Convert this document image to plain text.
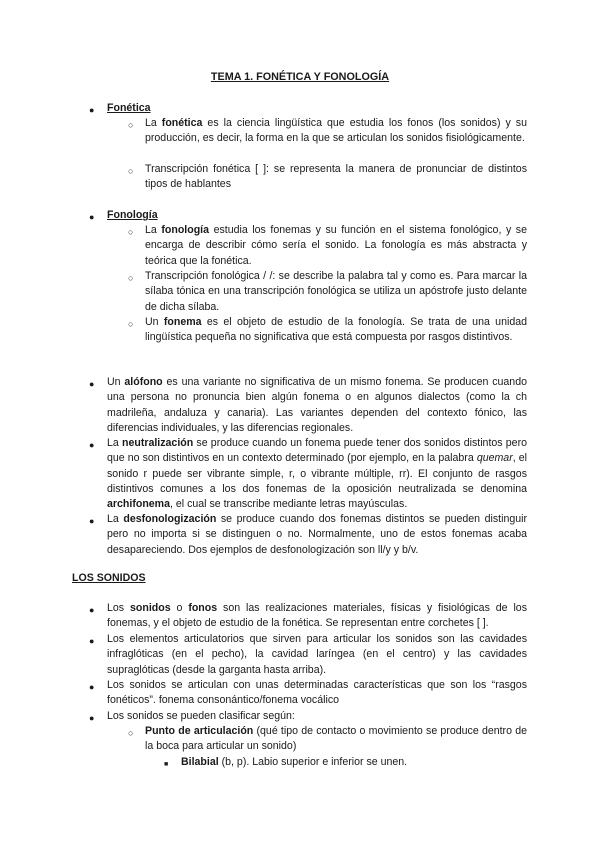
TEMA 1. FONÉTICA Y FONOLOGÍA
●	Fonética
○	La fonética es la ciencia lingüística que estudia los fonos (los sonidos) y su producción, es decir, la forma en la que se articulan los sonidos fisiológicamente.
○	Transcripción fonética [ ]: se representa la manera de pronunciar de distintos tipos de hablantes
●	Fonología
○	La fonología estudia los fonemas y su función en el sistema fonológico, y se encarga de describir cómo sería el sonido. La fonología es más abstracta y teórica que la fonética.
○	Transcripción fonológica / /: se describe la palabra tal y como es. Para marcar la sílaba tónica en una transcripción fonológica se utiliza un apóstrofe justo delante de dicha sílaba.
○	Un fonema es el objeto de estudio de la fonología. Se trata de una unidad lingüística pequeña no significativa que está compuesta por rasgos distintivos.
●	Un alófono es una variante no significativa de un mismo fonema. Se producen cuando una persona no pronuncia bien algún fonema o en algunos dialectos (como la ch madrileña, andaluza y canaria). Las variantes dependen del contexto fónico, las diferencias individuales, y las diferencias regionales.
●	La neutralización se produce cuando un fonema puede tener dos sonidos distintos pero que no son distintivos en un contexto determinado (por ejemplo, en la palabra quemar, el sonido r puede ser vibrante simple, r, o vibrante múltiple, rr). El conjunto de rasgos distintivos comunes a los dos fonemas de la oposición neutralizada se denomina archifonema, el cual se transcribe mediante letras mayúsculas.
●	La desfonologización se produce cuando dos fonemas distintos se pueden distinguir pero no importa si se distinguen o no. Normalmente, uno de estos fonemas acaba desapareciendo. Dos ejemplos de desfonologización son ll/y y b/v.
LOS SONIDOS
●	Los sonidos o fonos son las realizaciones materiales, físicas y fisiológicas de los fonemas, y el objeto de estudio de la fonética. Se representan entre corchetes [ ].
●	Los elementos articulatorios que sirven para articular los sonidos son las cavidades infraglóticas (en el pecho), la cavidad laríngea (en el centro) y las cavidades supraglóticas (desde la garganta hasta arriba).
●	Los sonidos se articulan con unas determinadas características que son los “rasgos fonéticos”. fonema consonántico/fonema vocálico
●	Los sonidos se pueden clasificar según:
○	Punto de articulación (qué tipo de contacto o movimiento se produce dentro de la boca para articular un sonido)
■	Bilabial (b, p). Labio superior e inferior se unen.
